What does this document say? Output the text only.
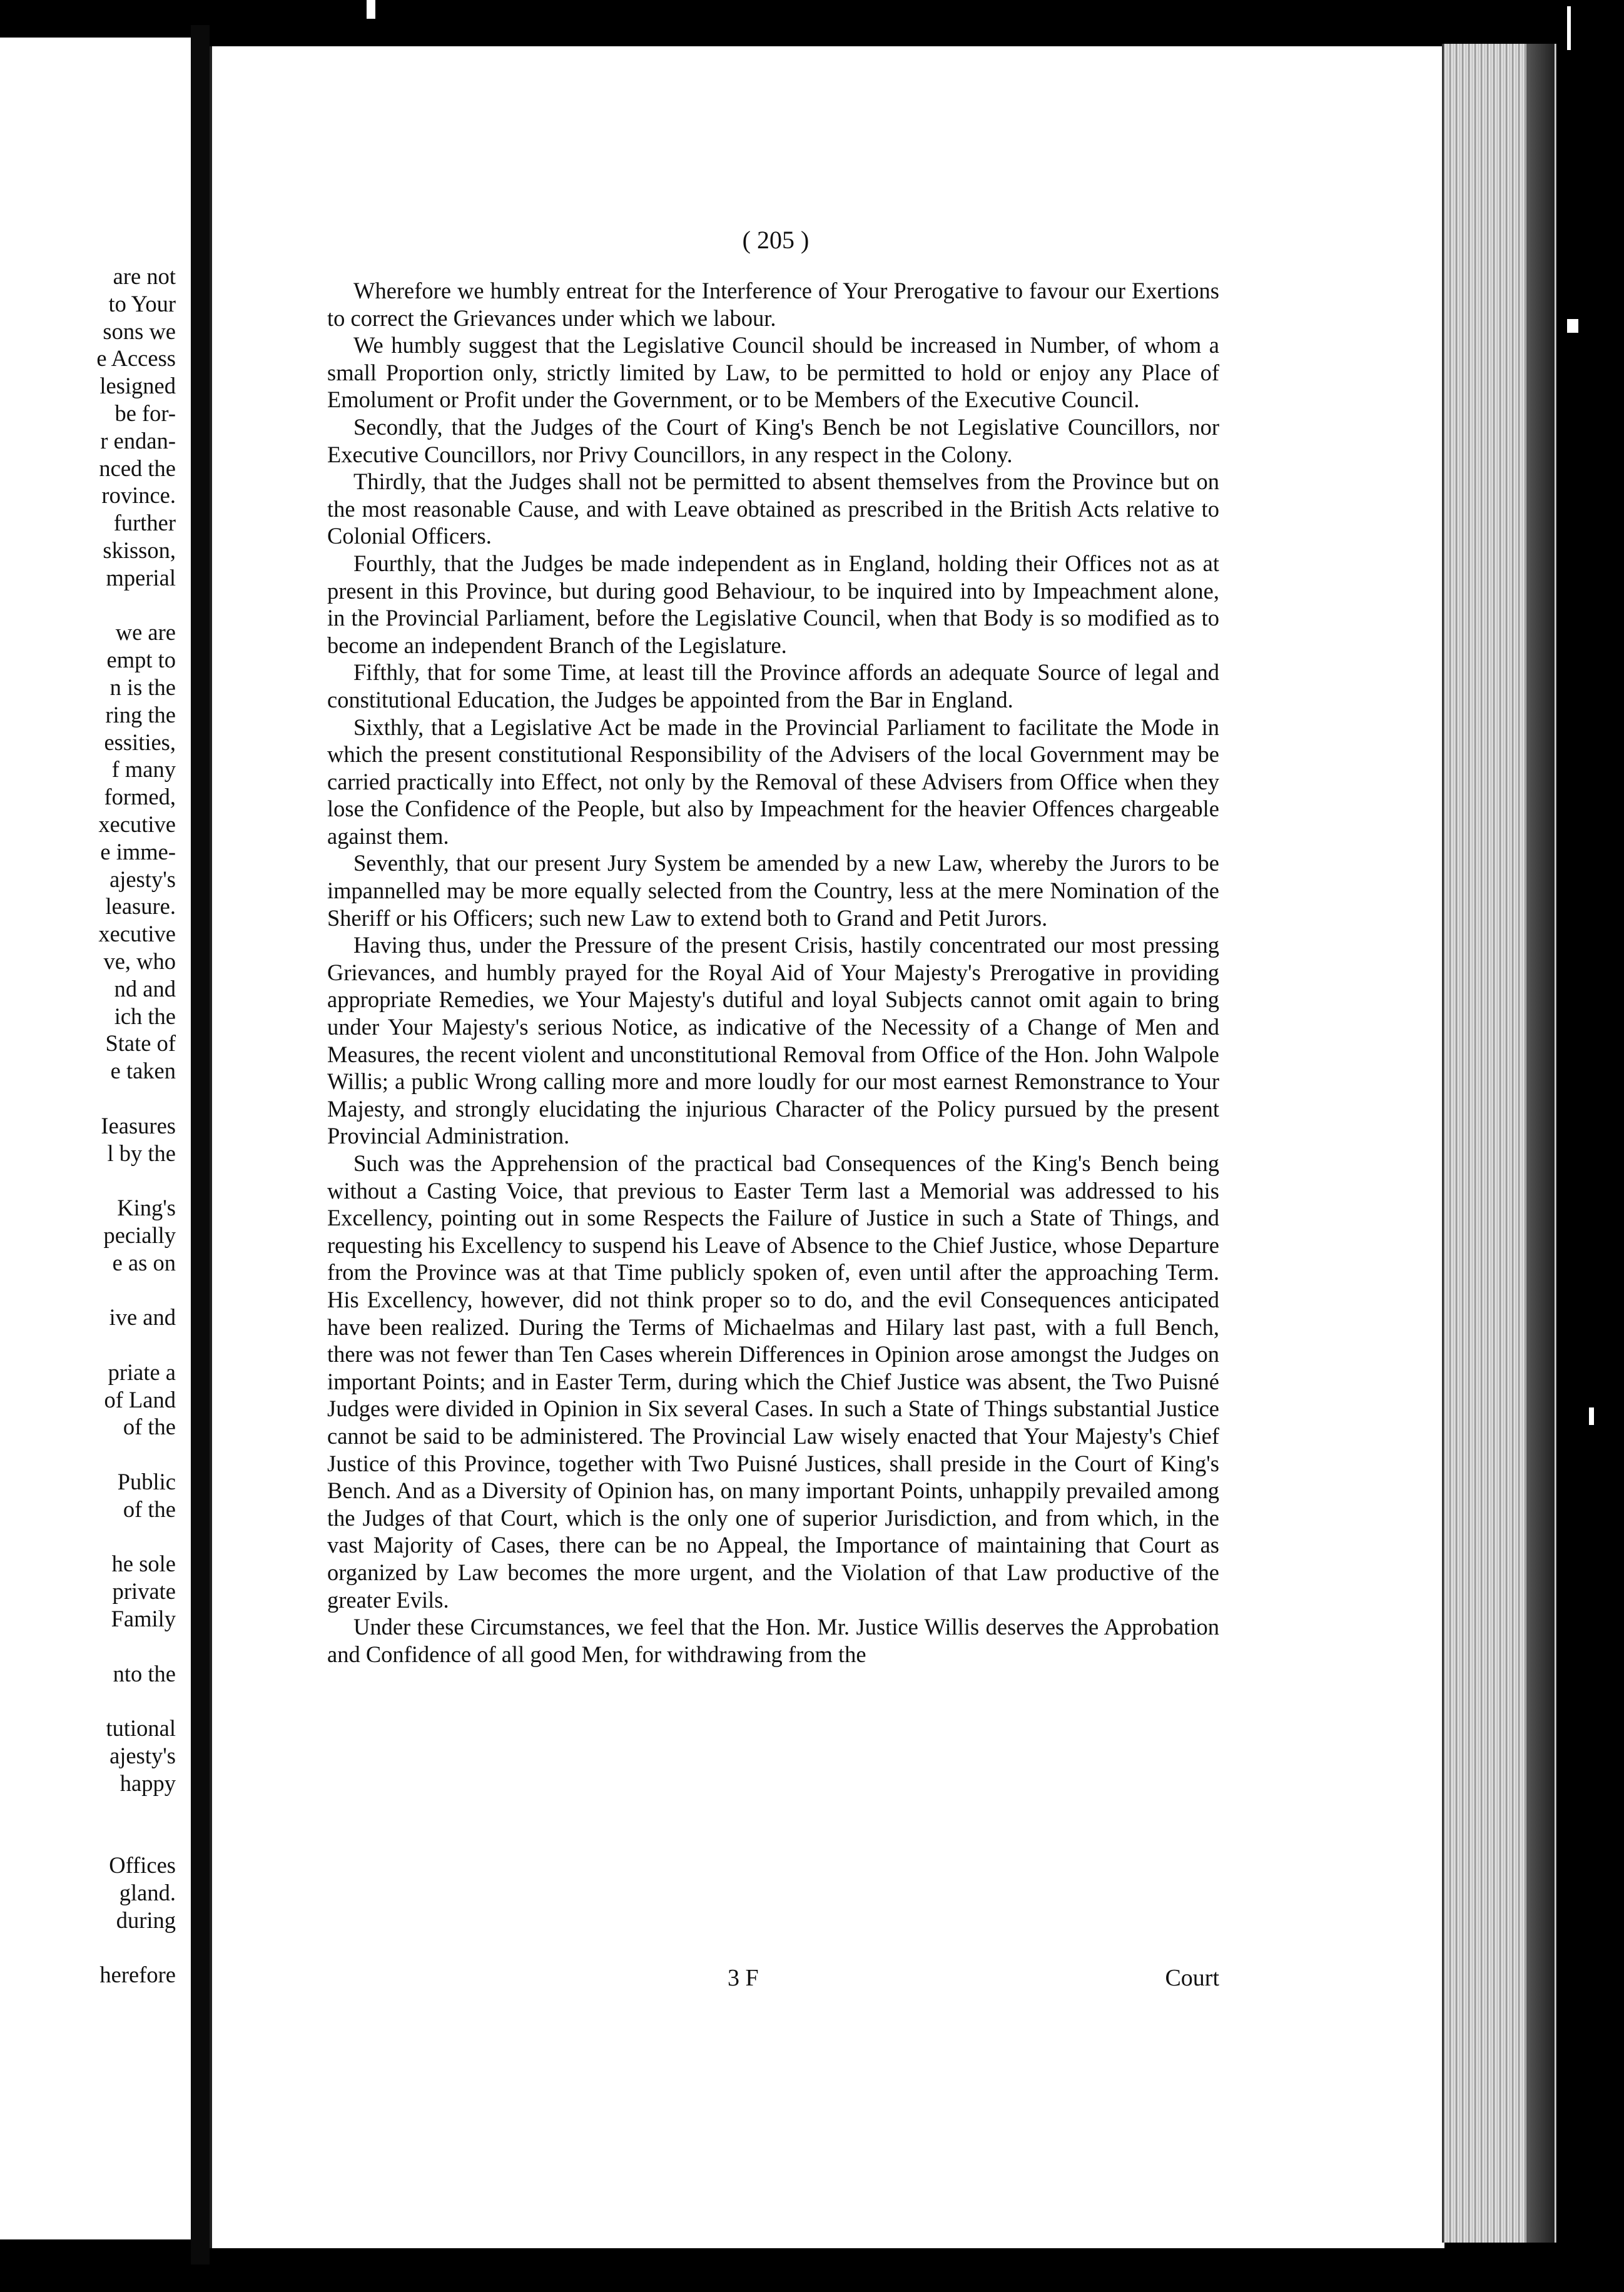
are not
to Your
sons we
e Access
lesigned
be for-
r endan-
nced the
rovince.
further
skisson,
mperial
we are
empt to
n is the
ring the
essities,
f many
formed,
xecutive
e imme-
ajesty's
leasure.
xecutive
ve, who
nd and
ich the
State of
e taken
Ieasures
l by the
King's
pecially
e as on
ive and
priate a
of Land
of the
Public
of the
he sole
private
Family
nto the
tutional
ajesty's
happy
Offices
gland.
during
herefore
( 205 )

Wherefore we humbly entreat for the Interference of Your Prerogative to favour our Exertions to correct the Grievances under which we labour.

We humbly suggest that the Legislative Council should be increased in Number, of whom a small Proportion only, strictly limited by Law, to be permitted to hold or enjoy any Place of Emolument or Profit under the Government, or to be Members of the Executive Council.

Secondly, that the Judges of the Court of King's Bench be not Legislative Councillors, nor Executive Councillors, nor Privy Councillors, in any respect in the Colony.

Thirdly, that the Judges shall not be permitted to absent themselves from the Province but on the most reasonable Cause, and with Leave obtained as prescribed in the British Acts relative to Colonial Officers.

Fourthly, that the Judges be made independent as in England, holding their Offices not as at present in this Province, but during good Behaviour, to be inquired into by Impeachment alone, in the Provincial Parliament, before the Legislative Council, when that Body is so modified as to become an independent Branch of the Legislature.

Fifthly, that for some Time, at least till the Province affords an adequate Source of legal and constitutional Education, the Judges be appointed from the Bar in England.

Sixthly, that a Legislative Act be made in the Provincial Parliament to facilitate the Mode in which the present constitutional Responsibility of the Advisers of the local Government may be carried practically into Effect, not only by the Removal of these Advisers from Office when they lose the Confidence of the People, but also by Impeachment for the heavier Offences chargeable against them.

Seventhly, that our present Jury System be amended by a new Law, whereby the Jurors to be impannelled may be more equally selected from the Country, less at the mere Nomination of the Sheriff or his Officers; such new Law to extend both to Grand and Petit Jurors.

Having thus, under the Pressure of the present Crisis, hastily concentrated our most pressing Grievances, and humbly prayed for the Royal Aid of Your Majesty's Prerogative in providing appropriate Remedies, we Your Majesty's dutiful and loyal Subjects cannot omit again to bring under Your Majesty's serious Notice, as indicative of the Necessity of a Change of Men and Measures, the recent violent and unconstitutional Removal from Office of the Hon. John Walpole Willis; a public Wrong calling more and more loudly for our most earnest Remonstrance to Your Majesty, and strongly elucidating the injurious Character of the Policy pursued by the present Provincial Administration.

Such was the Apprehension of the practical bad Consequences of the King's Bench being without a Casting Voice, that previous to Easter Term last a Memorial was addressed to his Excellency, pointing out in some Respects the Failure of Justice in such a State of Things, and requesting his Excellency to suspend his Leave of Absence to the Chief Justice, whose Departure from the Province was at that Time publicly spoken of, even until after the approaching Term. His Excellency, however, did not think proper so to do, and the evil Consequences anticipated have been realized. During the Terms of Michaelmas and Hilary last past, with a full Bench, there was not fewer than Ten Cases wherein Differences in Opinion arose amongst the Judges on important Points; and in Easter Term, during which the Chief Justice was absent, the Two Puisné Judges were divided in Opinion in Six several Cases. In such a State of Things substantial Justice cannot be said to be administered. The Provincial Law wisely enacted that Your Majesty's Chief Justice of this Province, together with Two Puisné Justices, shall preside in the Court of King's Bench. And as a Diversity of Opinion has, on many important Points, unhappily prevailed among the Judges of that Court, which is the only one of superior Jurisdiction, and from which, in the vast Majority of Cases, there can be no Appeal, the Importance of maintaining that Court as organized by Law becomes the more urgent, and the Violation of that Law productive of the greater Evils.

Under these Circumstances, we feel that the Hon. Mr. Justice Willis deserves the Approbation and Confidence of all good Men, for withdrawing from the

3 F	Court
